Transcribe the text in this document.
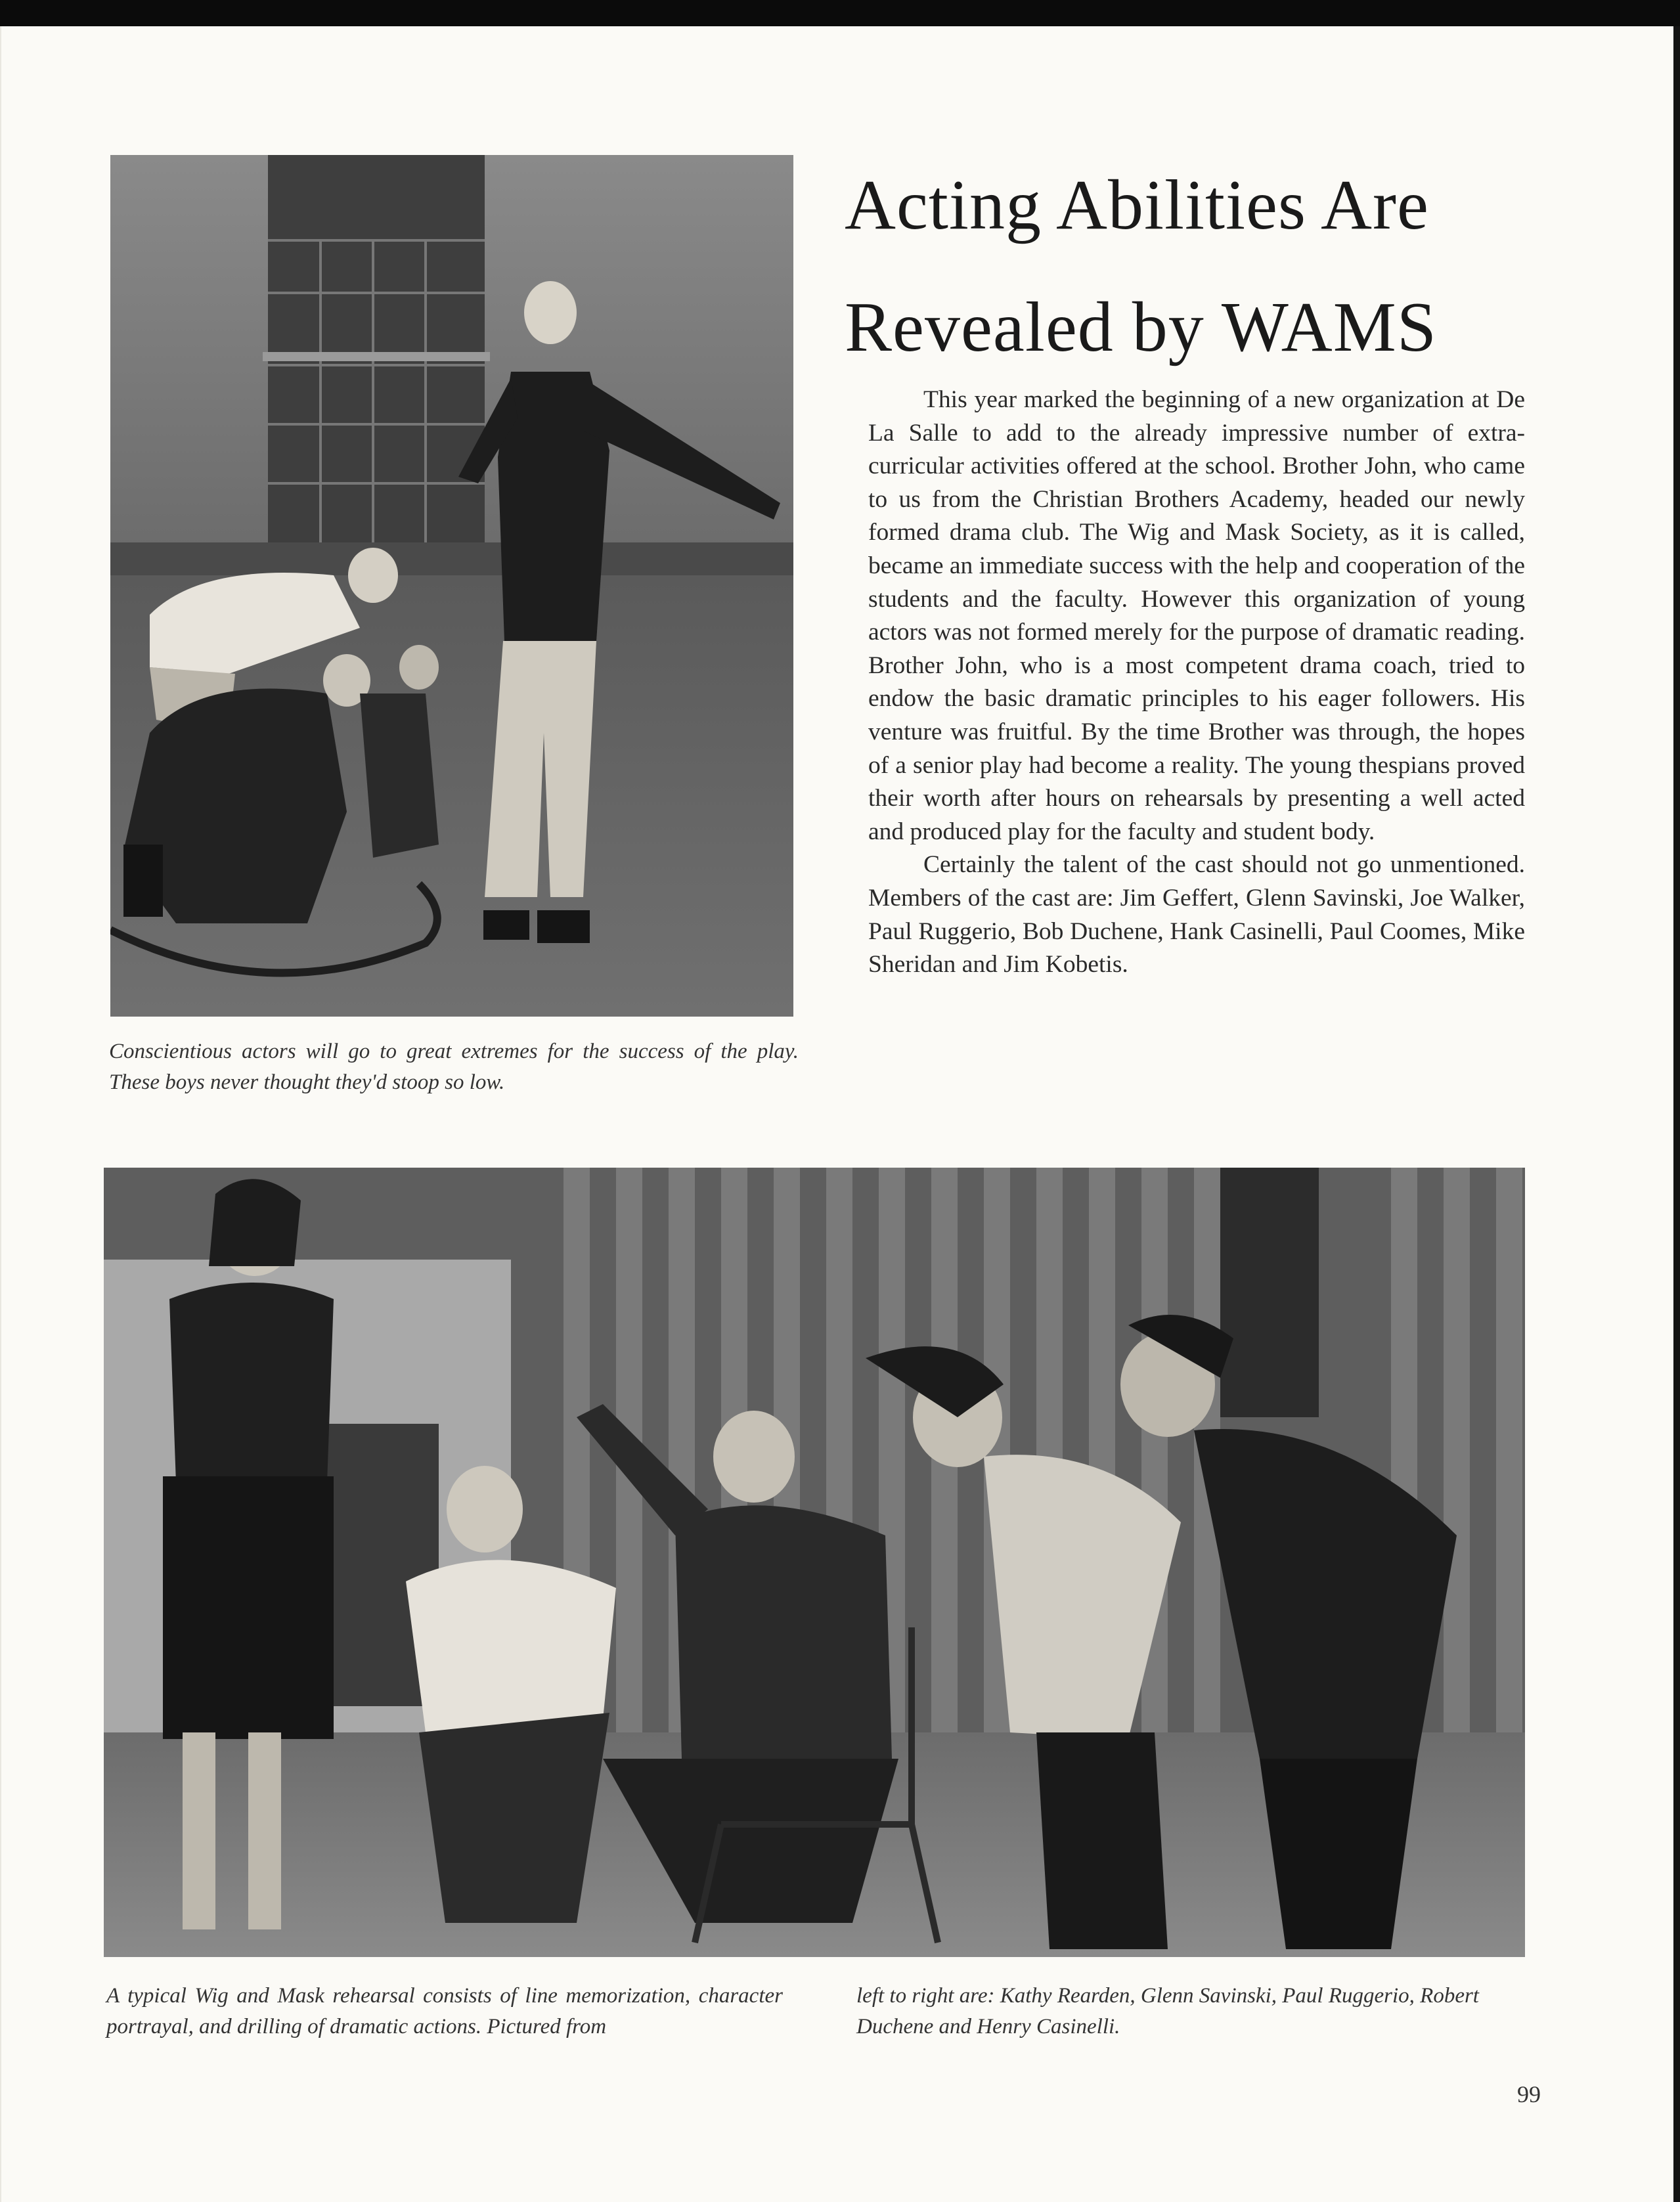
Acting Abilities Are
Revealed by WAMS

This year marked the beginning of a new organization at De La Salle to add to the already impressive number of extra-curricular activities offered at the school. Brother John, who came to us from the Christian Brothers Academy, headed our newly formed drama club. The Wig and Mask Society, as it is called, became an immediate success with the help and cooperation of the students and the faculty. However this organization of young actors was not formed merely for the purpose of dramatic reading. Brother John, who is a most competent drama coach, tried to endow the basic dramatic principles to his eager followers. His venture was fruitful. By the time Brother was through, the hopes of a senior play had become a reality. The young thespians proved their worth after hours on rehearsals by presenting a well acted and produced play for the faculty and student body.

Certainly the talent of the cast should not go unmentioned. Members of the cast are: Jim Geffert, Glenn Savinski, Joe Walker, Paul Ruggerio, Bob Duchene, Hank Casinelli, Paul Coomes, Mike Sheridan and Jim Kobetis.

Conscientious actors will go to great extremes for the success of the play. These boys never thought they'd stoop so low.

A typical Wig and Mask rehearsal consists of line memorization, character portrayal, and drilling of dramatic actions. Pictured from

left to right are: Kathy Rearden, Glenn Savinski, Paul Ruggerio, Robert Duchene and Henry Casinelli.

99
